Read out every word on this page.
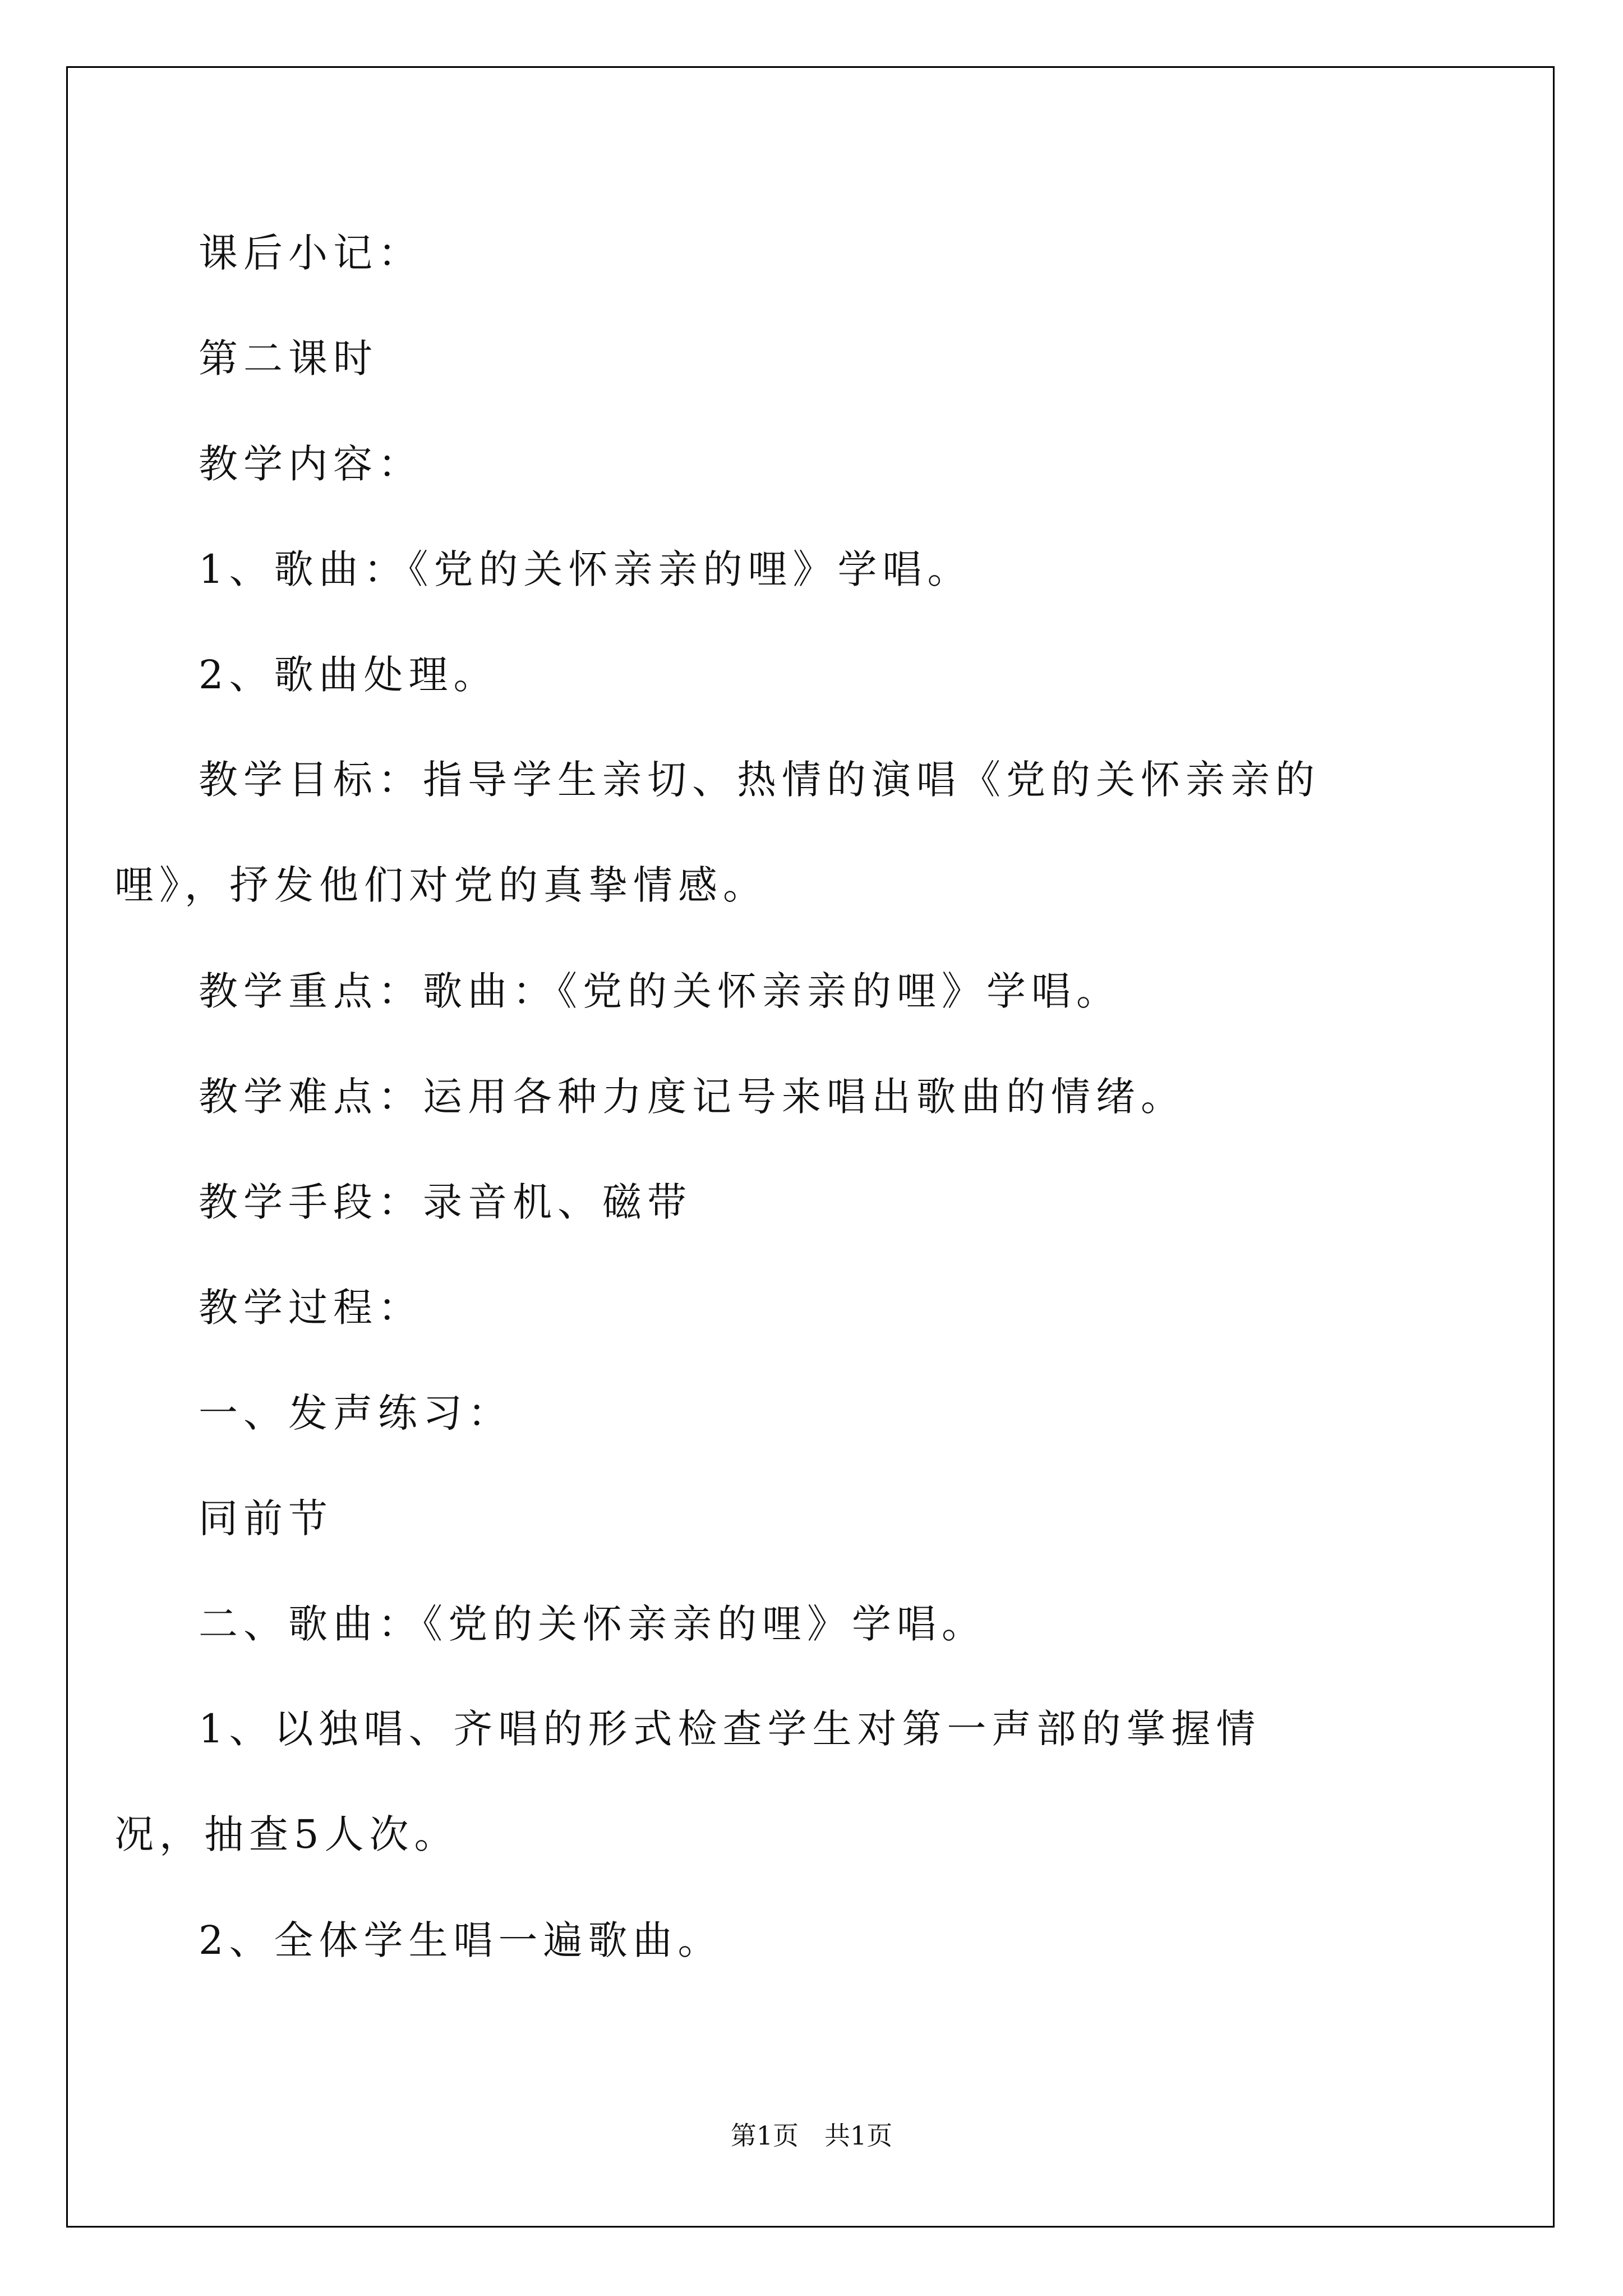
课后小记：
第二课时
教学内容：
1、歌曲：《党的关怀亲亲的哩》学唱。
2、歌曲处理。
教学目标：指导学生亲切、热情的演唱《党的关怀亲亲的哩》，抒发他们对党的真挚情感。
教学重点：歌曲：《党的关怀亲亲的哩》学唱。
教学难点：运用各种力度记号来唱出歌曲的情绪。
教学手段：录音机、磁带
教学过程：
一、发声练习：
同前节
二、歌曲：《党的关怀亲亲的哩》学唱。
1、以独唱、齐唱的形式检查学生对第一声部的掌握情况，抽查5人次。
2、全体学生唱一遍歌曲。
第1页　共1页
